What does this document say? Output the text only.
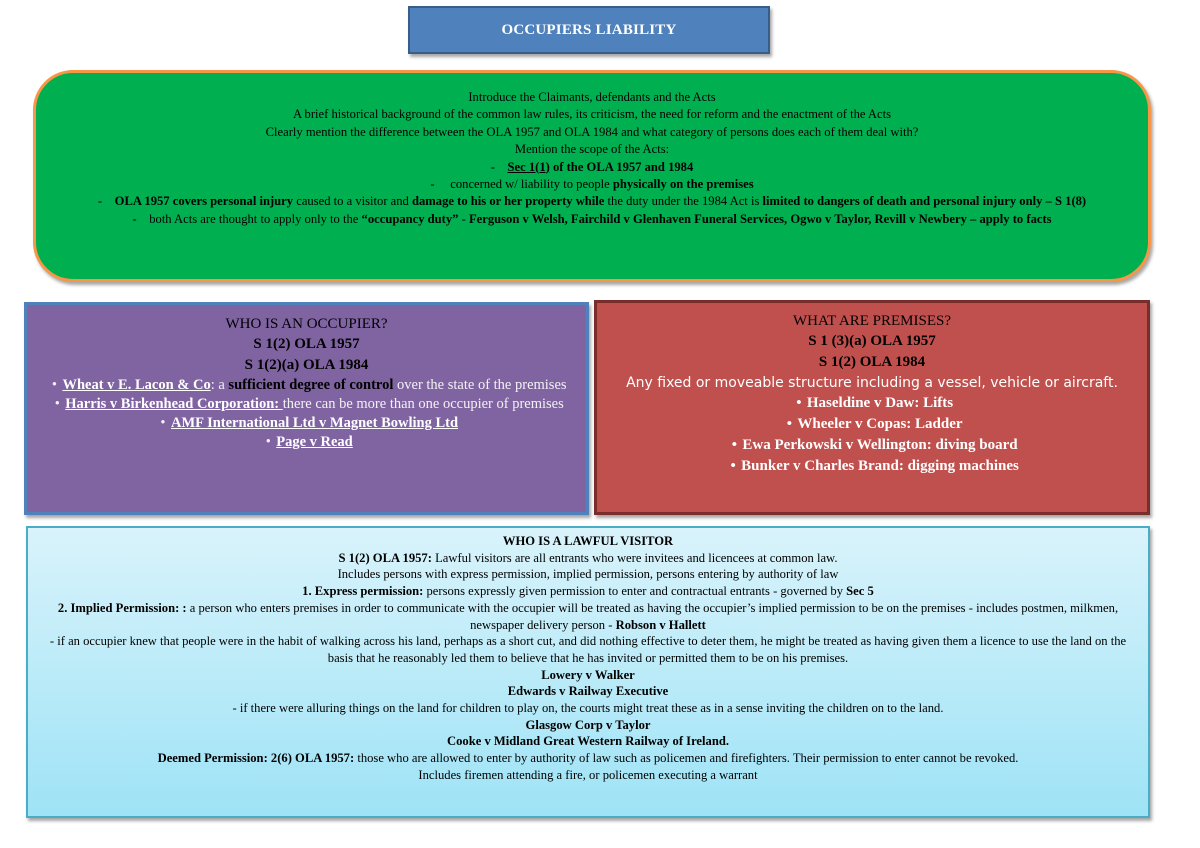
OCCUPIERS LIABILITY

Introduce the Claimants, defendants and the Acts

A brief historical background of the common law rules, its criticism, the need for reform and the enactment of the Acts

Clearly mention the difference between the OLA 1957 and OLA 1984 and what category of persons does each of them deal with?

Mention the scope of the Acts:

- Sec 1(1) of the OLA 1957 and 1984

- concerned w/ liability to people physically on the premises

- OLA 1957 covers personal injury caused to a visitor and damage to his or her property while the duty under the 1984 Act is limited to dangers of death and personal injury only – S 1(8)

- both Acts are thought to apply only to the “occupancy duty” - Ferguson v Welsh, Fairchild v Glenhaven Funeral Services, Ogwo v Taylor, Revill v Newbery – apply to facts

WHO IS AN OCCUPIER?

S 1(2) OLA 1957

S 1(2)(a) OLA 1984

• Wheat v E. Lacon & Co: a sufficient degree of control over the state of the premises
• Harris v Birkenhead Corporation: there can be more than one occupier of premises
• AMF International Ltd v Magnet Bowling Ltd
• Page v Read

WHAT ARE PREMISES?

S 1 (3)(a) OLA 1957

S 1(2) OLA 1984

Any fixed or moveable structure including a vessel, vehicle or aircraft.

• Haseldine v Daw: Lifts
• Wheeler v Copas: Ladder
• Ewa Perkowski v Wellington: diving board
• Bunker v Charles Brand: digging machines

WHO IS A LAWFUL VISITOR

S 1(2) OLA 1957: Lawful visitors are all entrants who were invitees and licencees at common law.

Includes persons with express permission, implied permission, persons entering by authority of law

1. Express permission: persons expressly given permission to enter and contractual entrants - governed by Sec 5

2. Implied Permission: : a person who enters premises in order to communicate with the occupier will be treated as having the occupier’s implied permission to be on the premises - includes postmen, milkmen, newspaper delivery person - Robson v Hallett

- if an occupier knew that people were in the habit of walking across his land, perhaps as a short cut, and did nothing effective to deter them, he might be treated as having given them a licence to use the land on the basis that he reasonably led them to believe that he has invited or permitted them to be on his premises.

Lowery v Walker

Edwards v Railway Executive

- if there were alluring things on the land for children to play on, the courts might treat these as in a sense inviting the children on to the land.

Glasgow Corp v Taylor

Cooke v Midland Great Western Railway of Ireland.

Deemed Permission: 2(6) OLA 1957: those who are allowed to enter by authority of law such as policemen and firefighters. Their permission to enter cannot be revoked.

Includes firemen attending a fire, or policemen executing a warrant
